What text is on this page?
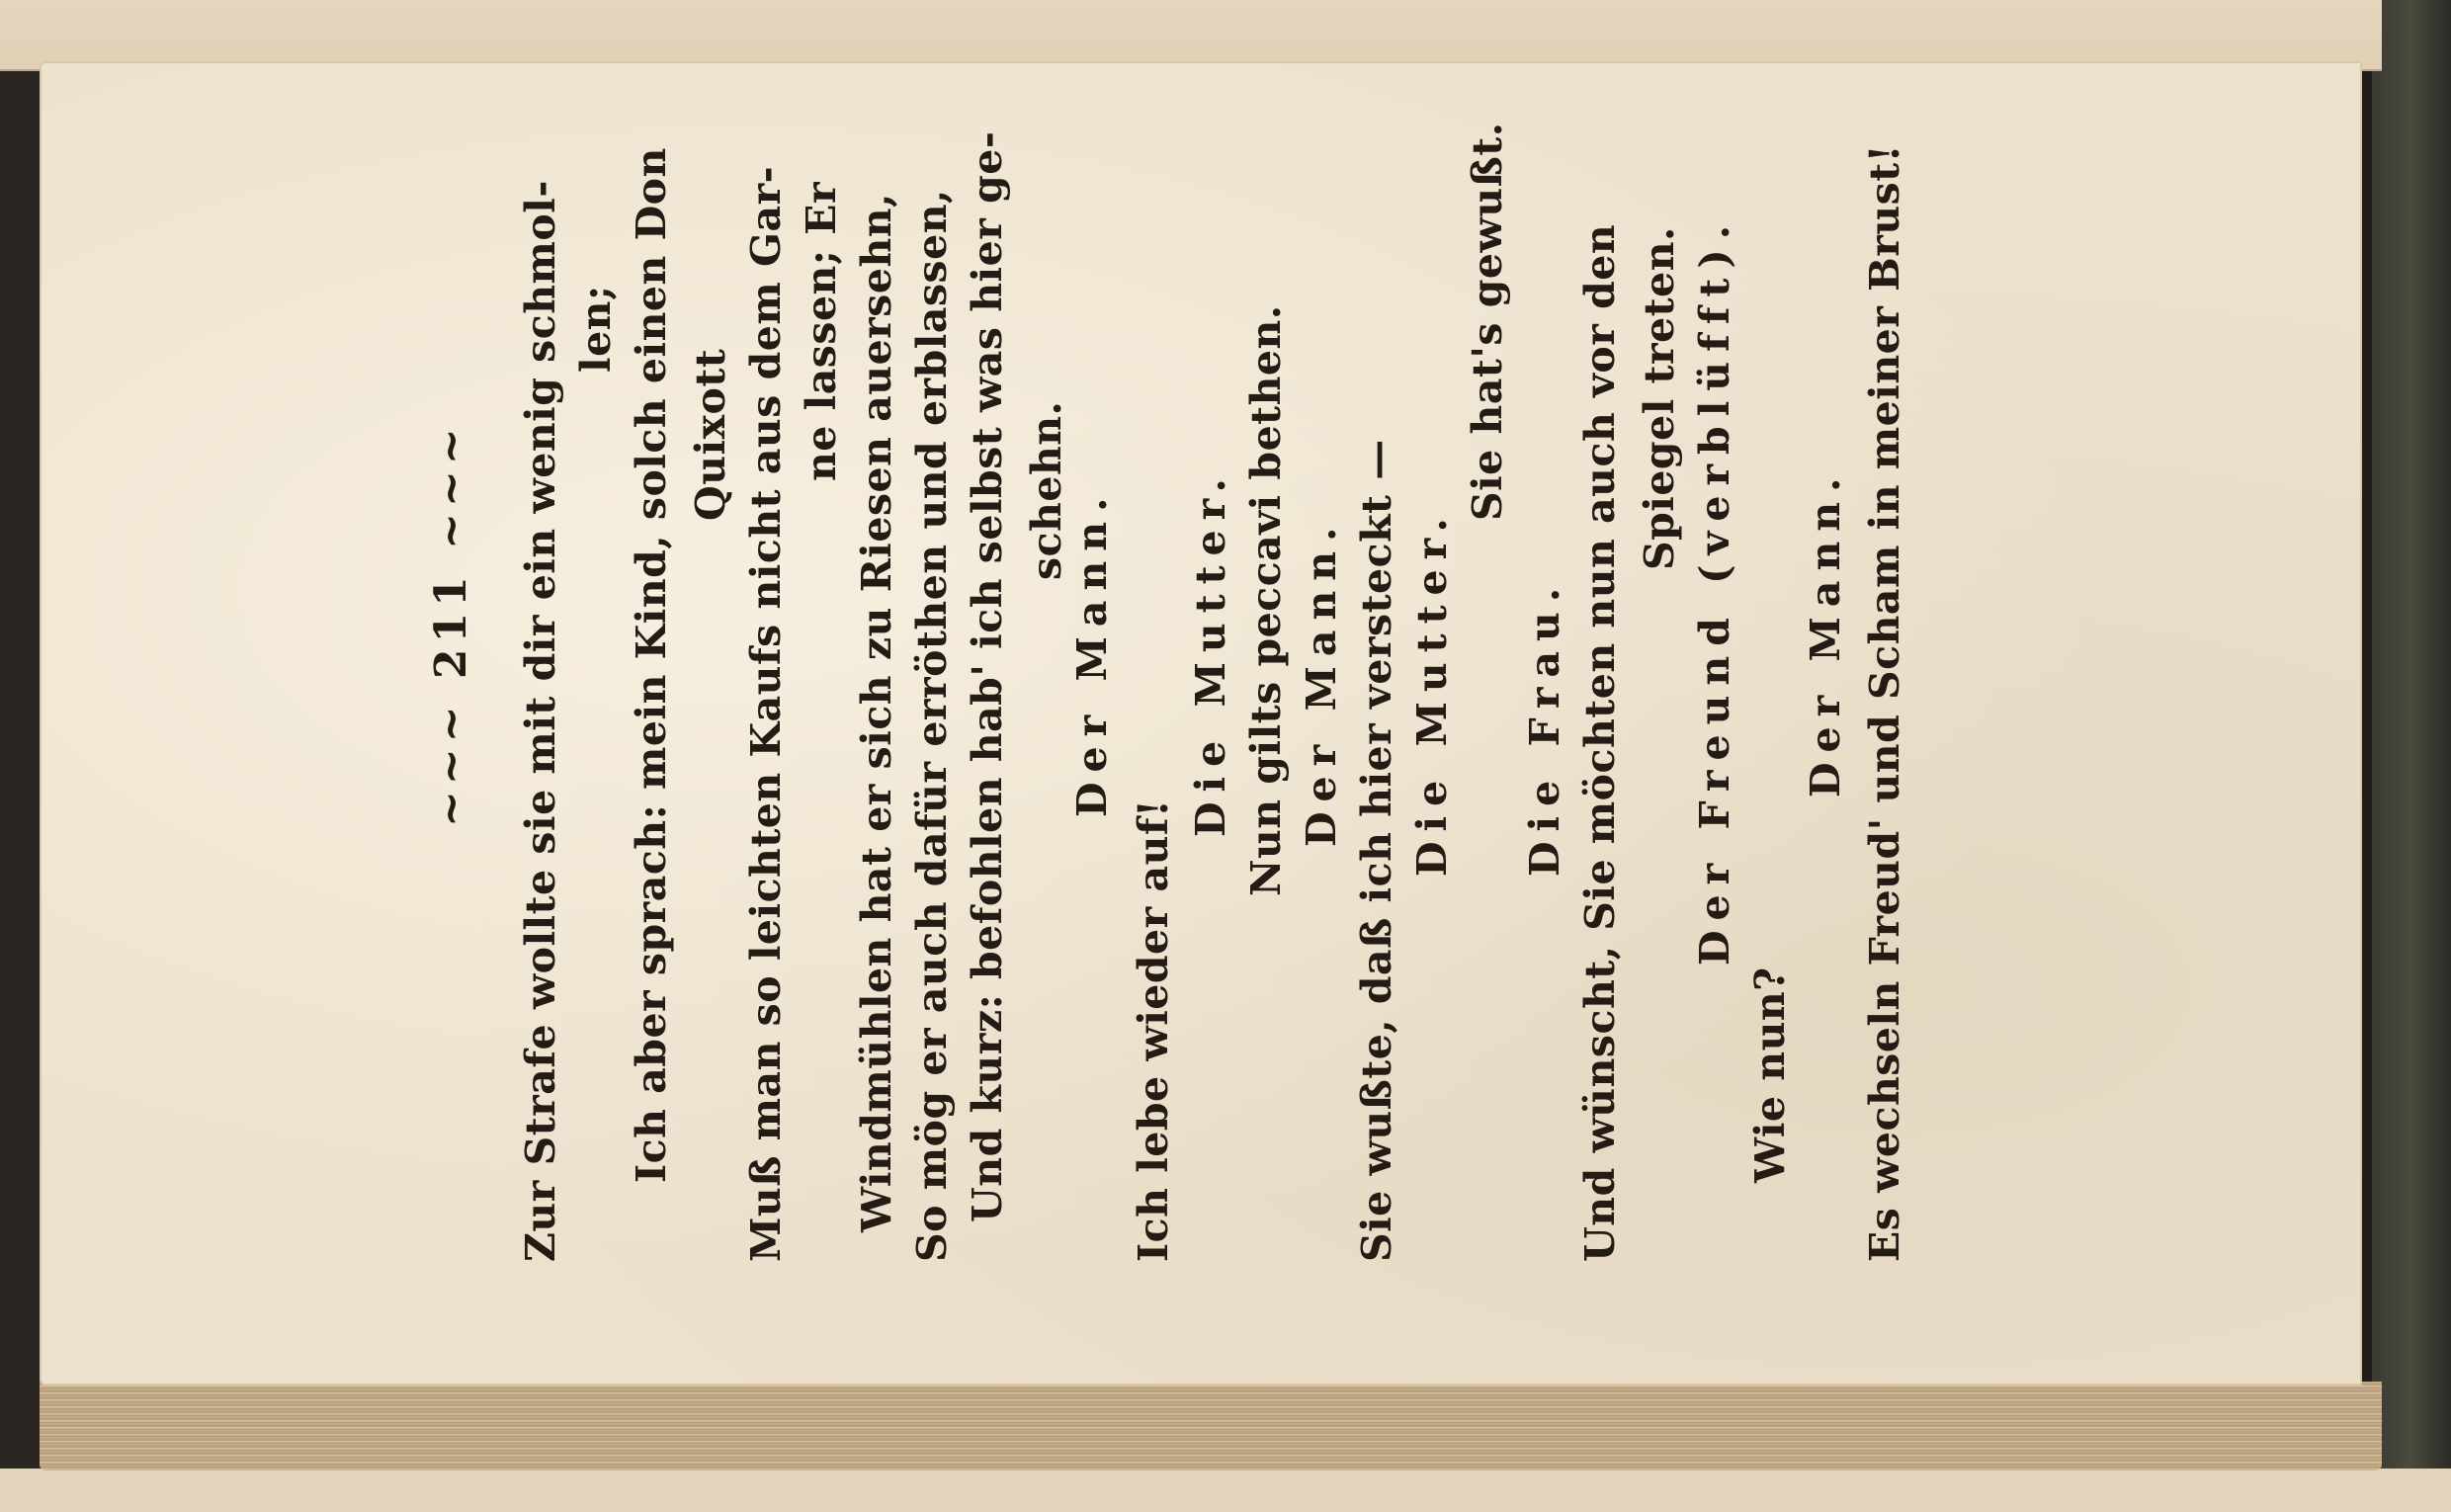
~~~ 211 ~~~ Zur Strafe wollte sie mit dir ein wenig schmol- len; Ich aber sprach: mein Kind, solch einen Don Quixott Muß man so leichten Kaufs nicht aus dem Gar- ne lassen; Er Windmühlen hat er sich zu Riesen auersehn, So mög er auch dafür erröthen und erblassen, Und kurz: befohlen hab' ich selbst was hier ge- schehn.
Der Mann.
Ich lebe wieder auf!
Die Mutter. Nun gilts peccavi bethen. Der Mann. Sie wußte, daß ich hier versteckt — Die Mutter.
Sie hat's gewußt.
Die Frau. Und wünscht, Sie möchten nun auch vor den Spiegel treten. Der Freund (verblüfft).
Wie nun?
Der Mann. Es wechseln Freud' und Scham in meiner Brust!
